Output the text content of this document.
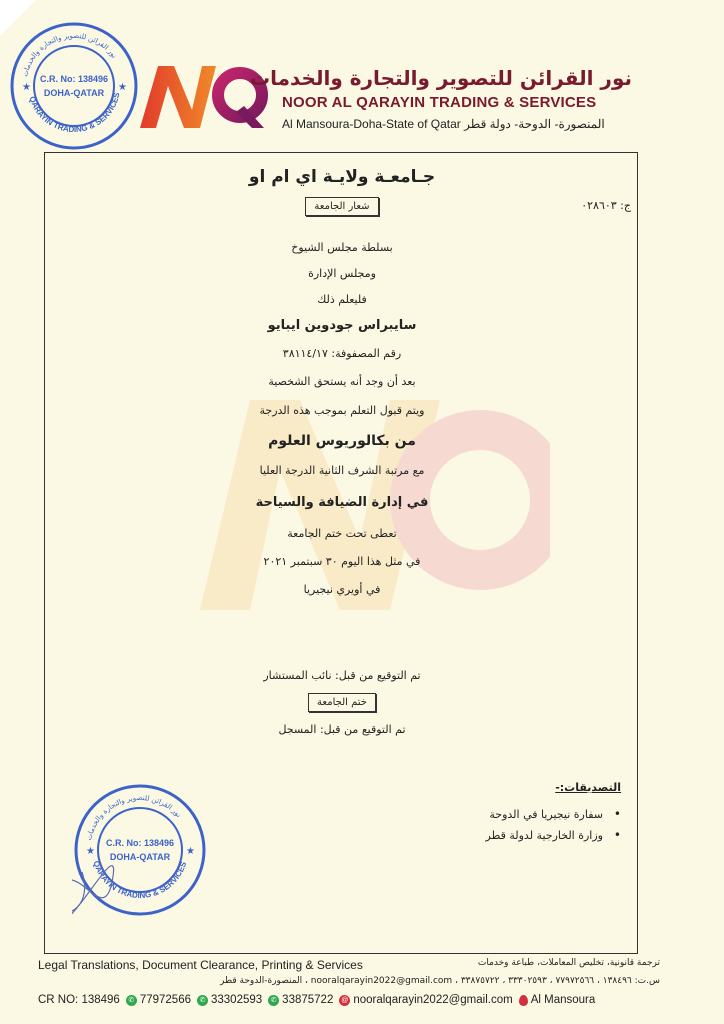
C.R. No: 138496
DOHA-QATAR
QARAYIN TRADING & SERVICES
نور القرائن للتصوير والتجارة والخدمات
★	★	نور القرائن للتصوير والتجارة والخدمات
NOOR AL QARAYIN TRADING & SERVICES
Al Mansoura-Doha-State of Qatar المنصورة- الدوحة- دولة قطر
جـامعـة ولايـة اي ام او
ج: ٠٢٨٦٠٣
شعار الجامعة
بسلطة مجلس الشيوخ
ومجلس الإدارة
فليعلم ذلك
سايبراس جودوين ايبايو
رقم المصفوفة: ٣٨١١٤/١٧
بعد أن وجد أنه يستحق الشخصية
ويتم قبول التعلم بموجب هذه الدرجة
من بكالوريوس العلوم
مع مرتبة الشرف الثانية الدرجة العليا
في إدارة الضيافة والسياحة
تعطى تحت ختم الجامعة
في مثل هذا اليوم ٣٠ سبتمبر ٢٠٢١
في أويري نيجيريا
تم التوقيع من قبل: نائب المستشار
ختم الجامعة
تم التوقيع من قبل: المسجل
التصديقات:-
• سفارة نيجيريا في الدوحة
• وزارة الخارجية لدولة قطر
C.R. No: 138496
DOHA-QATAR
QARAYIN TRADING & SERVICES
نور القرائن للتصوير والتجارة والخدمات
★	★
Legal Translations, Document Clearance, Printing & Services	ترجمة قانونية، تخليص المعاملات، طباعة وخدمات
س.ت: ١٣٨٤٩٦ ، ٧٧٩٧٢٥٦٦ ، ٣٣٣٠٢٥٩٣ ، ٣٣٨٧٥٧٢٢ ، nooralqarayin2022@gmail.com ، المنصورة-الدوحة قطر
CR NO: 138496	✆ 77972566	✆ 33302593	✆ 33875722 @ nooralqarayin2022@gmail.com Al Mansoura
